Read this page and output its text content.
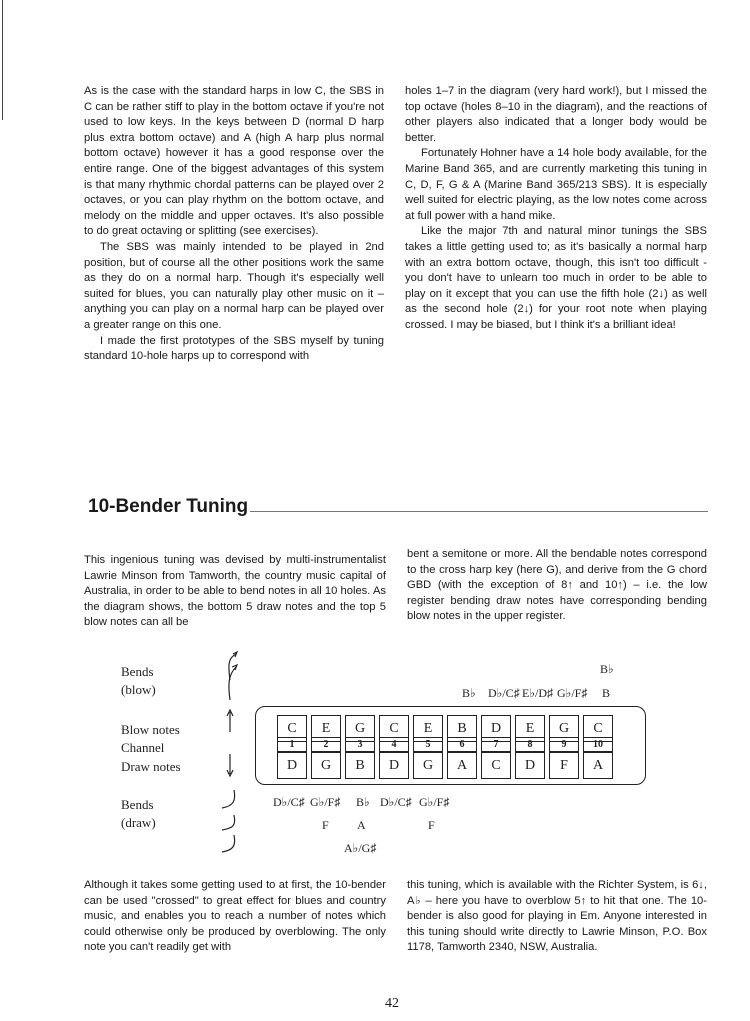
As is the case with the standard harps in low C, the SBS in C can be rather stiff to play in the bottom octave if you're not used to low keys. In the keys between D (normal D harp plus extra bottom octave) and A (high A harp plus normal bottom octave) however it has a good response over the entire range. One of the biggest advantages of this system is that many rhythmic chordal patterns can be played over 2 octaves, or you can play rhythm on the bottom octave, and melody on the middle and upper octaves. It's also possible to do great octaving or splitting (see exercises).

The SBS was mainly intended to be played in 2nd position, but of course all the other positions work the same as they do on a normal harp. Though it's especially well suited for blues, you can naturally play other music on it – anything you can play on a normal harp can be played over a greater range on this one.

I made the first prototypes of the SBS myself by tuning standard 10-hole harps up to correspond with

holes 1–7 in the diagram (very hard work!), but I missed the top octave (holes 8–10 in the diagram), and the reactions of other players also indicated that a longer body would be better.

Fortunately Hohner have a 14 hole body available, for the Marine Band 365, and are currently marketing this tuning in C, D, F, G & A (Marine Band 365/213 SBS). It is especially well suited for electric playing, as the low notes come across at full power with a hand mike.

Like the major 7th and natural minor tunings the SBS takes a little getting used to; as it's basically a normal harp with an extra bottom octave, though, this isn't too difficult - you don't have to unlearn too much in order to be able to play on it except that you can use the fifth hole (2↓) as well as the second hole (2↓) for your root note when playing crossed. I may be biased, but I think it's a brilliant idea!

10-Bender Tuning

This ingenious tuning was devised by multi-instrumentalist Lawrie Minson from Tamworth, the country music capital of Australia, in order to be able to bend notes in all 10 holes. As the diagram shows, the bottom 5 draw notes and the top 5 blow notes can all be

bent a semitone or more. All the bendable notes correspond to the cross harp key (here G), and derive from the G chord GBD (with the exception of 8↑ and 10↑) – i.e. the low register bending draw notes have corresponding bending blow notes in the upper register.

Bends
(blow)
Blow notes
Channel
Draw notes
Bends
(draw)
B♭
B♭ D♭/C♯ E♭/D♯ G♭/F♯ B
C
1
D
E
2
G
G
3
B
C
4
D
E
5
G
B
6
A
D
7
C
E
8
D
G
9
F
C
10
A
D♭/C♯ G♭/F♯ B♭ D♭/C♯ G♭/F♯
F A	F
A♭/G♯

Although it takes some getting used to at first, the 10-bender can be used "crossed" to great effect for blues and country music, and enables you to reach a number of notes which could otherwise only be produced by overblowing. The only note you can't readily get with

this tuning, which is available with the Richter System, is 6↓, A♭ – here you have to overblow 5↑ to hit that one. The 10-bender is also good for playing in Em. Anyone interested in this tuning should write directly to Lawrie Minson, P.O. Box 1178, Tamworth 2340, NSW, Australia.

42
